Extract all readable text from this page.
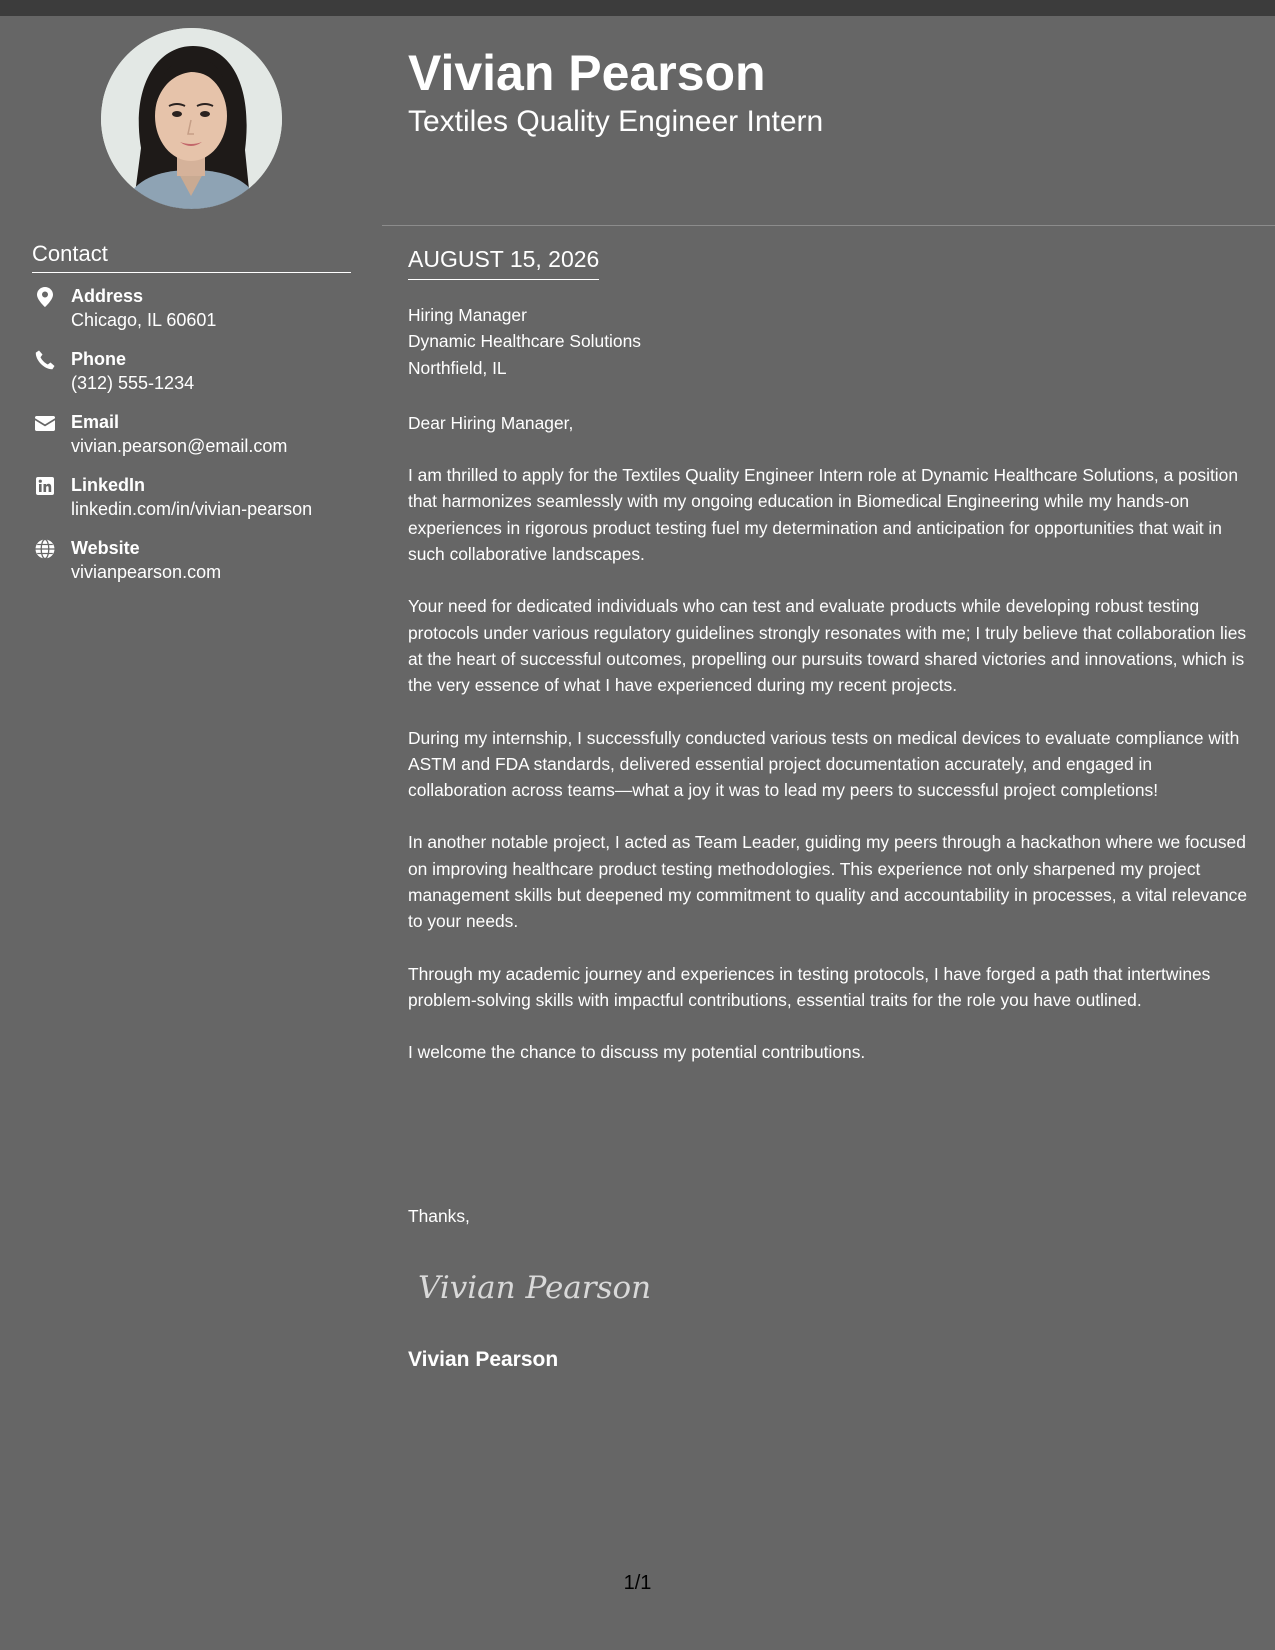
Contact
Address
Chicago, IL 60601
Phone
(312) 555-1234
Email
vivian.pearson@email.com
LinkedIn
linkedin.com/in/vivian-pearson
Website
vivianpearson.com
Vivian Pearson
Textiles Quality Engineer Intern
AUGUST 15, 2026
Hiring Manager
Dynamic Healthcare Solutions
Northfield, IL
Dear Hiring Manager,

I am thrilled to apply for the Textiles Quality Engineer Intern role at Dynamic Healthcare Solutions, a position that harmonizes seamlessly with my ongoing education in Biomedical Engineering while my hands-on experiences in rigorous product testing fuel my determination and anticipation for opportunities that wait in such collaborative landscapes.

Your need for dedicated individuals who can test and evaluate products while developing robust testing protocols under various regulatory guidelines strongly resonates with me; I truly believe that collaboration lies at the heart of successful outcomes, propelling our pursuits toward shared victories and innovations, which is the very essence of what I have experienced during my recent projects.

During my internship, I successfully conducted various tests on medical devices to evaluate compliance with ASTM and FDA standards, delivered essential project documentation accurately, and engaged in collaboration across teams—what a joy it was to lead my peers to successful project completions!

In another notable project, I acted as Team Leader, guiding my peers through a hackathon where we focused on improving healthcare product testing methodologies. This experience not only sharpened my project management skills but deepened my commitment to quality and accountability in processes, a vital relevance to your needs.

Through my academic journey and experiences in testing protocols, I have forged a path that intertwines problem-solving skills with impactful contributions, essential traits for the role you have outlined.

I welcome the chance to discuss my potential contributions.

Thanks,
Vivian Pearson
Vivian Pearson
1/1
